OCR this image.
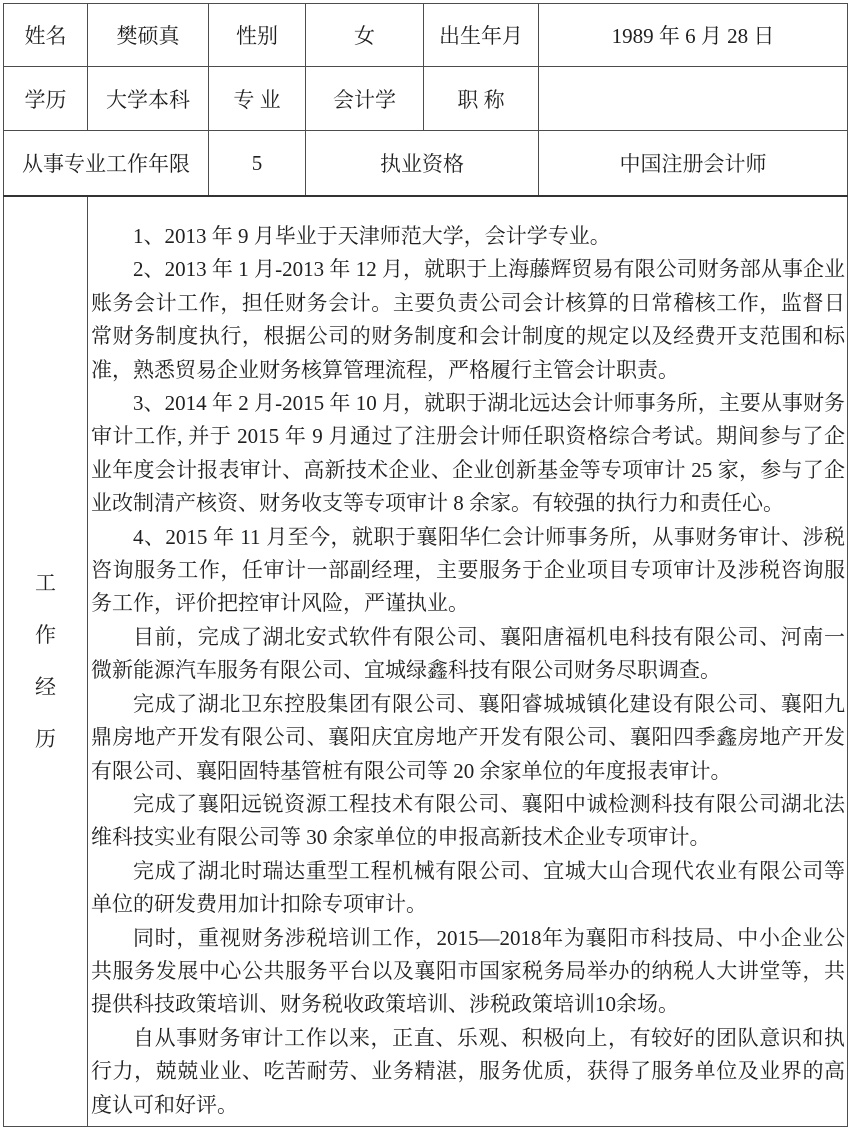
姓名	樊硕真	性别	女	出生年月	1989 年 6 月 28 日
学历	大学本科	专 业	会计学	职 称	
从事专业工作年限		5	执业资格		中国注册会计师

工
作
经
历

1、2013 年 9 月毕业于天津师范大学，会计学专业。

2、2013 年 1 月-2013 年 12 月，就职于上海藤辉贸易有限公司财务部从事企业账务会计工作，担任财务会计。主要负责公司会计核算的日常稽核工作，监督日常财务制度执行，根据公司的财务制度和会计制度的规定以及经费开支范围和标准，熟悉贸易企业财务核算管理流程，严格履行主管会计职责。

3、2014 年 2 月-2015 年 10 月，就职于湖北远达会计师事务所，主要从事财务审计工作, 并于 2015 年 9 月通过了注册会计师任职资格综合考试。期间参与了企业年度会计报表审计、高新技术企业、企业创新基金等专项审计 25 家，参与了企业改制清产核资、财务收支等专项审计 8 余家。有较强的执行力和责任心。

4、2015 年 11 月至今，就职于襄阳华仁会计师事务所，从事财务审计、涉税咨询服务工作，任审计一部副经理，主要服务于企业项目专项审计及涉税咨询服务工作，评价把控审计风险，严谨执业。

目前，完成了湖北安式软件有限公司、襄阳唐福机电科技有限公司、河南一微新能源汽车服务有限公司、宜城绿鑫科技有限公司财务尽职调查。

完成了湖北卫东控股集团有限公司、襄阳睿城城镇化建设有限公司、襄阳九鼎房地产开发有限公司、襄阳庆宜房地产开发有限公司、襄阳四季鑫房地产开发有限公司、襄阳固特基管桩有限公司等 20 余家单位的年度报表审计。

完成了襄阳远锐资源工程技术有限公司、襄阳中诚检测科技有限公司湖北法维科技实业有限公司等 30 余家单位的申报高新技术企业专项审计。

完成了湖北时瑞达重型工程机械有限公司、宜城大山合现代农业有限公司等单位的研发费用加计扣除专项审计。

同时，重视财务涉税培训工作，2015—2018年为襄阳市科技局、中小企业公共服务发展中心公共服务平台以及襄阳市国家税务局举办的纳税人大讲堂等，共提供科技政策培训、财务税收政策培训、涉税政策培训10余场。

自从事财务审计工作以来，正直、乐观、积极向上，有较好的团队意识和执行力，兢兢业业、吃苦耐劳、业务精湛，服务优质，获得了服务单位及业界的高度认可和好评。
